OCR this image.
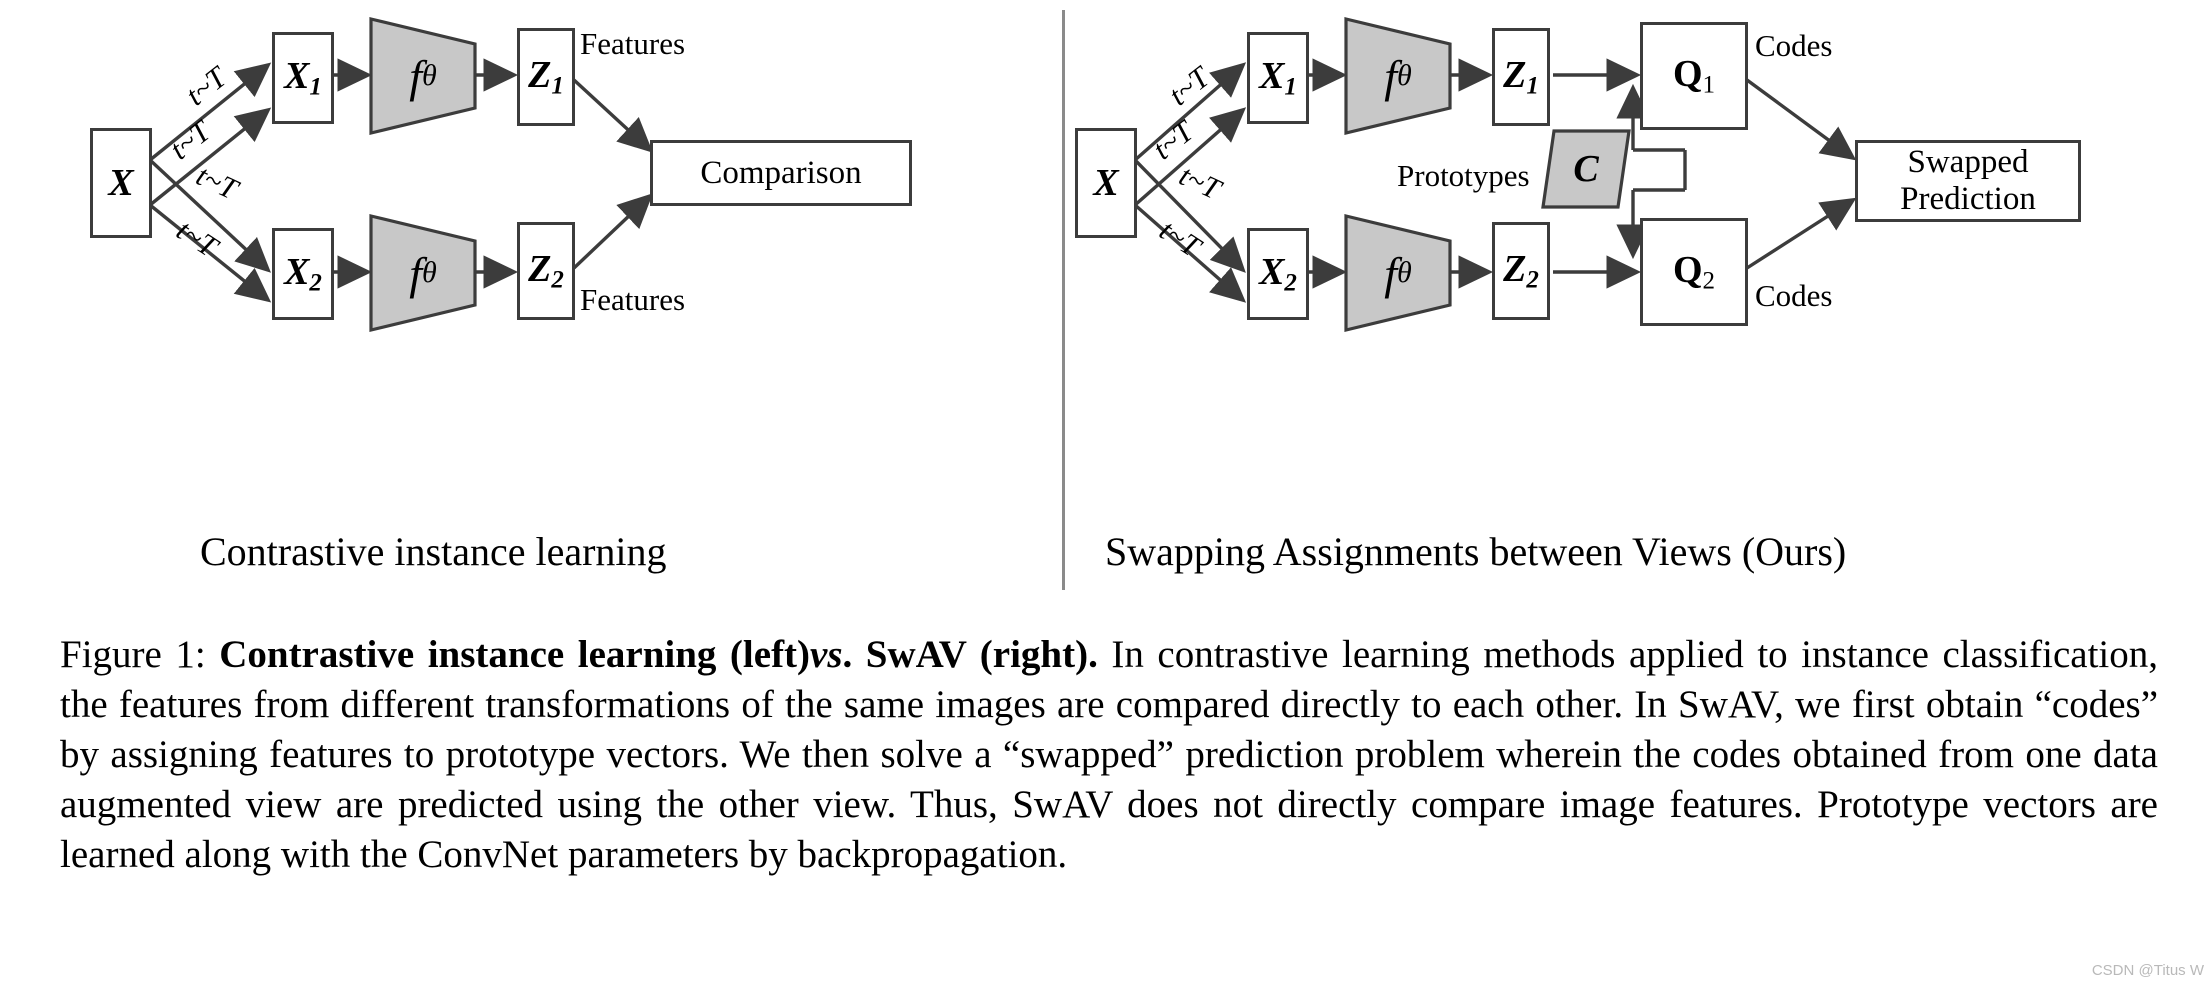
X
$X_1$
$X_2$
f θ
f θ
$Z_1$
$Z_2$
Features
Features
t~T
t~T
t~T
t~T
Comparison
Contrastive instance learning
X
$X_1$
$X_2$
f θ
f θ
$Z_1$
$Z_2$
$Q_1$
$Q_2$
Codes
Codes
t~T
t~T
t~T
t~T
Prototypes C	Swapped
Prediction
Swapping Assignments between Views (Ours)
Figure 1: Contrastive instance learning (left)vs. SwAV (right). In contrastive learning methods applied to instance classification, the features from different transformations of the same images are compared directly to each other. In SwAV, we first obtain “codes” by assigning features to prototype vectors. We then solve a “swapped” prediction problem wherein the codes obtained from one data augmented view are predicted using the other view. Thus, SwAV does not directly compare image features. Prototype vectors are learned along with the ConvNet parameters by backpropagation.
CSDN @Titus W
